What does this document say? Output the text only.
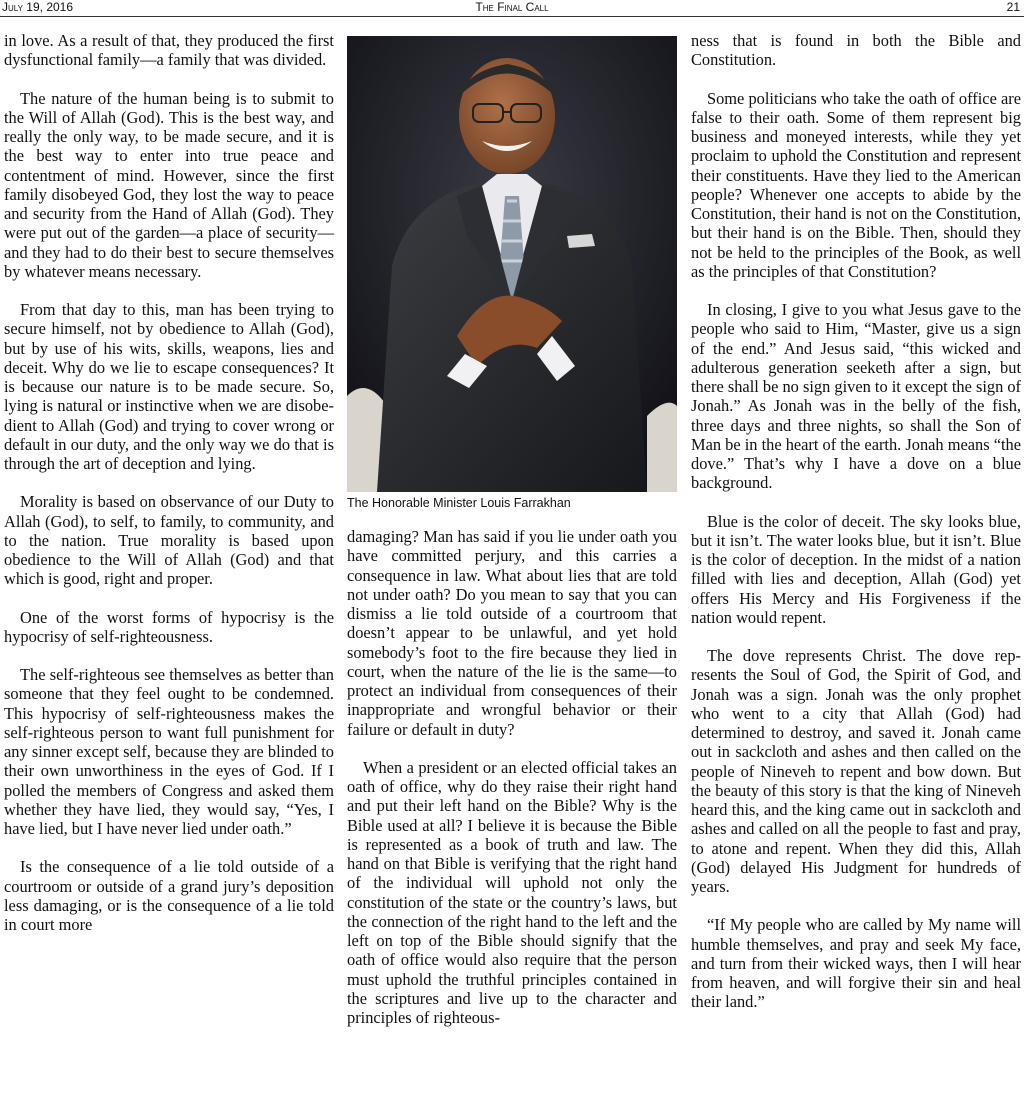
July 19, 2016	The Final Call	21

in love. As a result of that, they produced the first dysfunctional family—a family that was divided.

The nature of the human being is to submit to the Will of Allah (God). This is the best way, and really the only way, to be made secure, and it is the best way to enter into true peace and contentment of mind. However, since the first family disobeyed God, they lost the way to peace and security from the Hand of Allah (God). They were put out of the garden—a place of security—and they had to do their best to secure themselves by whatever means necessary.

From that day to this, man has been trying to secure himself, not by obedience to Allah (God), but by use of his wits, skills, weapons, lies and deceit. Why do we lie to escape consequences? It is because our nature is to be made secure. So, lying is natural or instinctive when we are disobedient to Allah (God) and trying to cover wrong or default in our duty, and the only way we do that is through the art of deception and lying.

Morality is based on observance of our Duty to Allah (God), to self, to family, to community, and to the nation. True morality is based upon obedience to the Will of Allah (God) and that which is good, right and proper.

One of the worst forms of hypocrisy is the hypocrisy of self-righteousness.

The self-righteous see themselves as better than someone that they feel ought to be condemned. This hypocrisy of self-righteousness makes the self-righteous person to want full punishment for any sinner except self, because they are blinded to their own unworthiness in the eyes of God. If I polled the members of Congress and asked them whether they have lied, they would say, “Yes, I have lied, but I have never lied under oath.”

Is the consequence of a lie told outside of a courtroom or outside of a grand jury’s deposition less damaging, or is the consequence of a lie told in court more

The Honorable Minister Louis Farrakhan

damaging? Man has said if you lie under oath you have committed perjury, and this carries a consequence in law. What about lies that are told not under oath? Do you mean to say that you can dismiss a lie told outside of a courtroom that doesn’t appear to be unlawful, and yet hold somebody’s foot to the fire because they lied in court, when the nature of the lie is the same—to protect an individual from consequences of their inappropriate and wrongful behavior or their failure or default in duty?

When a president or an elected official takes an oath of office, why do they raise their right hand and put their left hand on the Bible? Why is the Bible used at all? I believe it is because the Bible is represented as a book of truth and law. The hand on that Bible is verifying that the right hand of the individual will uphold not only the constitution of the state or the country’s laws, but the connection of the right hand to the left and the left on top of the Bible should signify that the oath of office would also require that the person must uphold the truthful principles contained in the scriptures and live up to the character and principles of righteous-

ness that is found in both the Bible and Constitution.

Some politicians who take the oath of office are false to their oath. Some of them represent big business and moneyed interests, while they yet proclaim to uphold the Constitution and represent their constituents. Have they lied to the American people? Whenever one accepts to abide by the Constitution, their hand is not on the Constitution, but their hand is on the Bible. Then, should they not be held to the principles of the Book, as well as the principles of that Constitution?

In closing, I give to you what Jesus gave to the people who said to Him, “Master, give us a sign of the end.” And Jesus said, “this wicked and adulterous generation seeketh after a sign, but there shall be no sign given to it except the sign of Jonah.” As Jonah was in the belly of the fish, three days and three nights, so shall the Son of Man be in the heart of the earth. Jonah means “the dove.” That’s why I have a dove on a blue background.

Blue is the color of deceit. The sky looks blue, but it isn’t. The water looks blue, but it isn’t. Blue is the color of deception. In the midst of a nation filled with lies and deception, Allah (God) yet offers His Mercy and His Forgiveness if the nation would repent.

The dove represents Christ. The dove represents the Soul of God, the Spirit of God, and Jonah was a sign. Jonah was the only prophet who went to a city that Allah (God) had determined to destroy, and saved it. Jonah came out in sackcloth and ashes and then called on the people of Nineveh to repent and bow down. But the beauty of this story is that the king of Nineveh heard this, and the king came out in sackcloth and ashes and called on all the people to fast and pray, to atone and repent. When they did this, Allah (God) delayed His Judgment for hundreds of years.

“If My people who are called by My name will humble themselves, and pray and seek My face, and turn from their wicked ways, then I will hear from heaven, and will forgive their sin and heal their land.”
